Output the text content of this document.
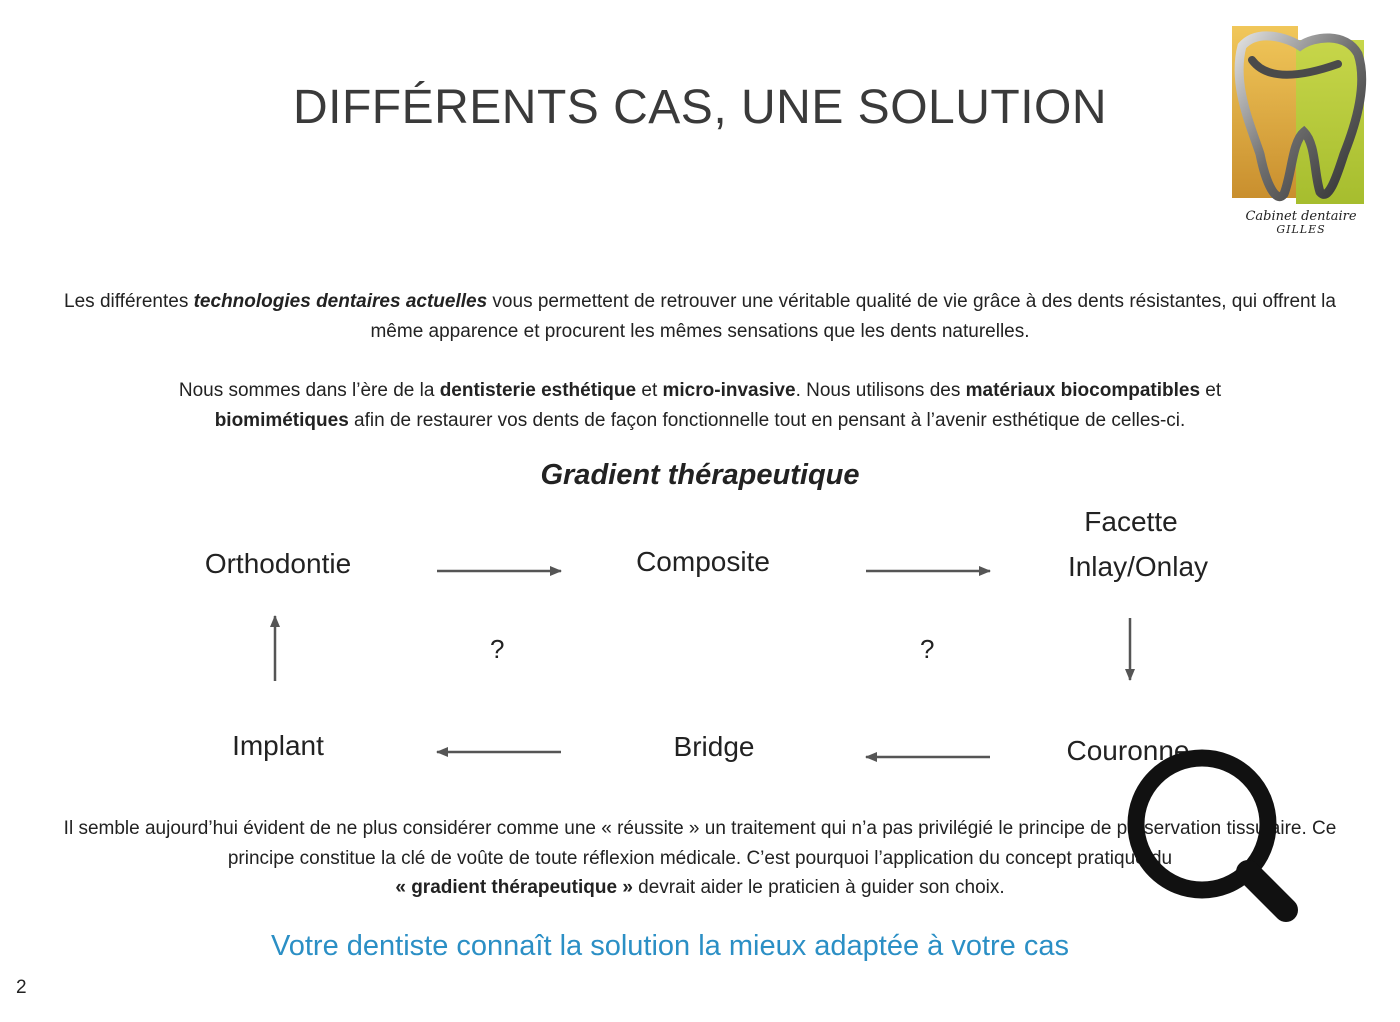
DIFFÉRENTS CAS, UNE SOLUTION
Cabinet dentaire
GILLES

Les différentes technologies dentaires actuelles vous permettent de retrouver une véritable qualité de vie grâce à des dents résistantes, qui offrent la même apparence et procurent les mêmes sensations que les dents naturelles.

Nous sommes dans l’ère de la dentisterie esthétique et micro-invasive. Nous utilisons des matériaux biocompatibles et
biomimétiques afin de restaurer vos dents de façon fonctionnelle tout en pensant à l’avenir esthétique de celles-ci.

Gradient thérapeutique
Orthodontie	Composite
Facette
Inlay/Onlay
Implant	Bridge	Couronne
?	?

Il semble aujourd’hui évident de ne plus considérer comme une « réussite » un traitement qui n’a pas privilégié le principe de préservation tissulaire. Ce principe constitue la clé de voûte de toute réflexion médicale. C’est pourquoi l’application du concept pratique du
« gradient thérapeutique » devrait aider le praticien à guider son choix.

Votre dentiste connaît la solution la mieux adaptée à votre cas
2
